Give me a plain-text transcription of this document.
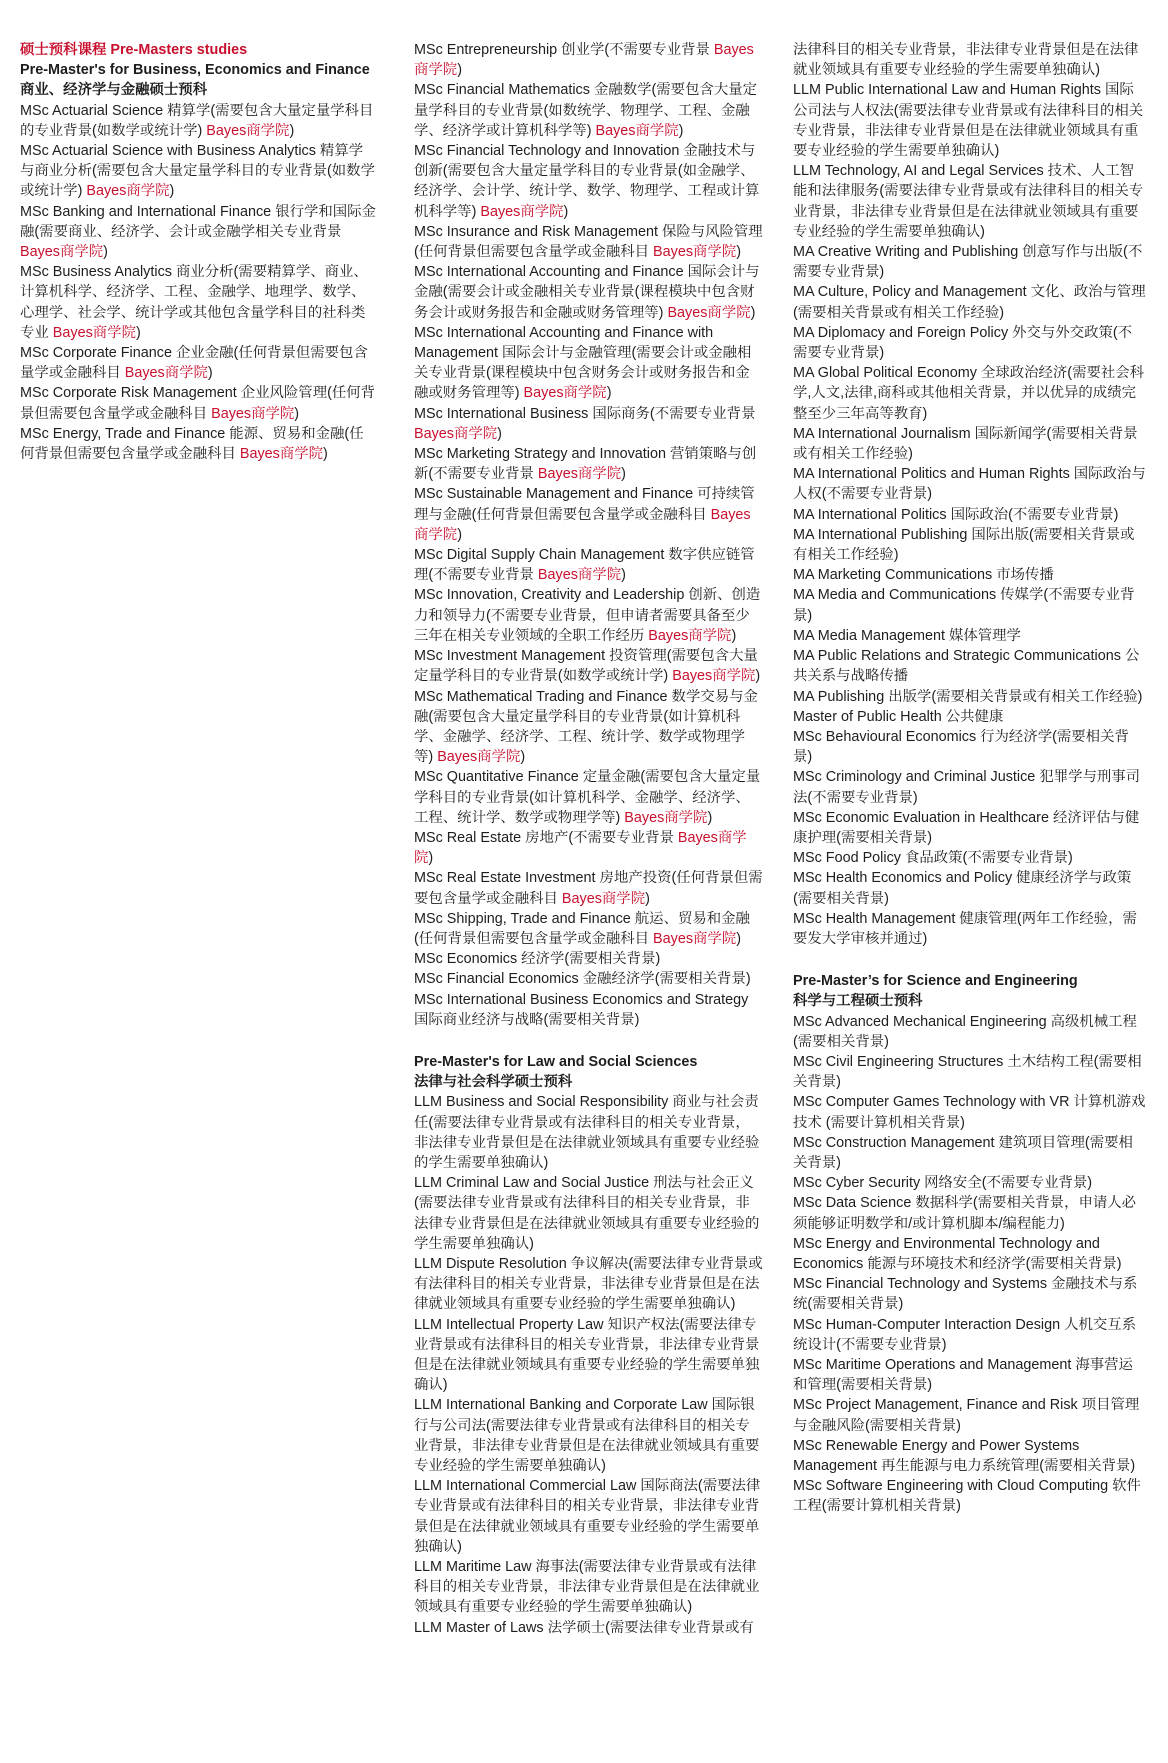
硕士预科课程 Pre-Masters studies
Pre-Master's for Business, Economics and Finance 商业、经济学与金融硕士预科

MSc Actuarial Science 精算学(需要包含大量定量学科目的专业背景(如数学或统计学) Bayes商学院)

MSc Actuarial Science with Business Analytics 精算学与商业分析(需要包含大量定量学科目的专业背景(如数学或统计学) Bayes商学院)

MSc Banking and International Finance 银行学和国际金融(需要商业、经济学、会计或金融学相关专业背景 Bayes商学院)

MSc Business Analytics 商业分析(需要精算学、商业、计算机科学、经济学、工程、金融学、地理学、数学、心理学、社会学、统计学或其他包含量学科目的社科类专业 Bayes商学院)

MSc Corporate Finance 企业金融(任何背景但需要包含量学或金融科目 Bayes商学院)

MSc Corporate Risk Management 企业风险管理(任何背景但需要包含量学或金融科目 Bayes商学院)

MSc Energy, Trade and Finance 能源、贸易和金融(任何背景但需要包含量学或金融科目 Bayes商学院)

MSc Entrepreneurship 创业学(不需要专业背景 Bayes商学院)

MSc Financial Mathematics 金融数学(需要包含大量定量学科目的专业背景(如数统学、物理学、工程、金融学、经济学或计算机科学等) Bayes商学院)

MSc Financial Technology and Innovation 金融技术与创新(需要包含大量定量学科目的专业背景(如金融学、经济学、会计学、统计学、数学、物理学、工程或计算机科学等) Bayes商学院)

MSc Insurance and Risk Management 保险与风险管理(任何背景但需要包含量学或金融科目 Bayes商学院)

MSc International Accounting and Finance 国际会计与金融(需要会计或金融相关专业背景(课程模块中包含财务会计或财务报告和金融或财务管理等) Bayes商学院)

MSc International Accounting and Finance with Management 国际会计与金融管理(需要会计或金融相关专业背景(课程模块中包含财务会计或财务报告和金融或财务管理等) Bayes商学院)

MSc International Business 国际商务(不需要专业背景 Bayes商学院)

MSc Marketing Strategy and Innovation 营销策略与创新(不需要专业背景 Bayes商学院)

MSc Sustainable Management and Finance 可持续管理与金融(任何背景但需要包含量学或金融科目 Bayes商学院)

MSc Digital Supply Chain Management 数字供应链管理(不需要专业背景 Bayes商学院)

MSc Innovation, Creativity and Leadership 创新、创造力和领导力(不需要专业背景，但申请者需要具备至少三年在相关专业领域的全职工作经历 Bayes商学院)

MSc Investment Management 投资管理(需要包含大量定量学科目的专业背景(如数学或统计学) Bayes商学院)

MSc Mathematical Trading and Finance 数学交易与金融(需要包含大量定量学科目的专业背景(如计算机科学、金融学、经济学、工程、统计学、数学或物理学等) Bayes商学院)

MSc Quantitative Finance 定量金融(需要包含大量定量学科目的专业背景(如计算机科学、金融学、经济学、工程、统计学、数学或物理学等) Bayes商学院)

MSc Real Estate 房地产(不需要专业背景 Bayes商学院)

MSc Real Estate Investment 房地产投资(任何背景但需要包含量学或金融科目 Bayes商学院)

MSc Shipping, Trade and Finance 航运、贸易和金融(任何背景但需要包含量学或金融科目 Bayes商学院)

MSc Economics 经济学(需要相关背景)

MSc Financial Economics 金融经济学(需要相关背景)

MSc International Business Economics and Strategy 国际商业经济与战略(需要相关背景)

Pre-Master's for Law and Social Sciences
法律与社会科学硕士预科

LLM Business and Social Responsibility 商业与社会责任(需要法律专业背景或有法律科目的相关专业背景，非法律专业背景但是在法律就业领域具有重要专业经验的学生需要单独确认)

LLM Criminal Law and Social Justice 刑法与社会正义(需要法律专业背景或有法律科目的相关专业背景，非法律专业背景但是在法律就业领域具有重要专业经验的学生需要单独确认)

LLM Dispute Resolution 争议解决(需要法律专业背景或有法律科目的相关专业背景，非法律专业背景但是在法律就业领域具有重要专业经验的学生需要单独确认)

LLM Intellectual Property Law 知识产权法(需要法律专业背景或有法律科目的相关专业背景，非法律专业背景但是在法律就业领域具有重要专业经验的学生需要单独确认)

LLM International Banking and Corporate Law 国际银行与公司法(需要法律专业背景或有法律科目的相关专业背景，非法律专业背景但是在法律就业领域具有重要专业经验的学生需要单独确认)

LLM International Commercial Law 国际商法(需要法律专业背景或有法律科目的相关专业背景，非法律专业背景但是在法律就业领域具有重要专业经验的学生需要单独确认)

LLM Maritime Law 海事法(需要法律专业背景或有法律科目的相关专业背景，非法律专业背景但是在法律就业领域具有重要专业经验的学生需要单独确认)

LLM Master of Laws 法学硕士(需要法律专业背景或有

法律科目的相关专业背景，非法律专业背景但是在法律就业领域具有重要专业经验的学生需要单独确认)

LLM Public International Law and Human Rights 国际公司法与人权法(需要法律专业背景或有法律科目的相关专业背景，非法律专业背景但是在法律就业领域具有重要专业经验的学生需要单独确认)

LLM Technology, AI and Legal Services 技术、人工智能和法律服务(需要法律专业背景或有法律科目的相关专业背景，非法律专业背景但是在法律就业领域具有重要专业经验的学生需要单独确认)

MA Creative Writing and Publishing 创意写作与出版(不需要专业背景)

MA Culture, Policy and Management 文化、政治与管理(需要相关背景或有相关工作经验)

MA Diplomacy and Foreign Policy 外交与外交政策(不需要专业背景)

MA Global Political Economy 全球政治经济(需要社会科学,人文,法律,商科或其他相关背景，并以优异的成绩完整至少三年高等教育)

MA International Journalism 国际新闻学(需要相关背景或有相关工作经验)

MA International Politics and Human Rights 国际政治与人权(不需要专业背景)

MA International Politics 国际政治(不需要专业背景)

MA International Publishing 国际出版(需要相关背景或有相关工作经验)

MA Marketing Communications 市场传播

MA Media and Communications 传媒学(不需要专业背景)

MA Media Management 媒体管理学

MA Public Relations and Strategic Communications 公共关系与战略传播

MA Publishing 出版学(需要相关背景或有相关工作经验)

Master of Public Health 公共健康

MSc Behavioural Economics 行为经济学(需要相关背景)

MSc Criminology and Criminal Justice 犯罪学与刑事司法(不需要专业背景)

MSc Economic Evaluation in Healthcare 经济评估与健康护理(需要相关背景)

MSc Food Policy 食品政策(不需要专业背景)

MSc Health Economics and Policy 健康经济学与政策(需要相关背景)

MSc Health Management 健康管理(两年工作经验，需要发大学审核并通过)

Pre-Master’s for Science and Engineering
科学与工程硕士预科

MSc Advanced Mechanical Engineering 高级机械工程(需要相关背景)

MSc Civil Engineering Structures 土木结构工程(需要相关背景)

MSc Computer Games Technology with VR 计算机游戏技术 (需要计算机相关背景)

MSc Construction Management 建筑项目管理(需要相关背景)

MSc Cyber Security 网络安全(不需要专业背景)

MSc Data Science 数据科学(需要相关背景，申请人必须能够证明数学和/或计算机脚本/编程能力)

MSc Energy and Environmental Technology and Economics 能源与环境技术和经济学(需要相关背景)

MSc Financial Technology and Systems 金融技术与系统(需要相关背景)

MSc Human-Computer Interaction Design 人机交互系统设计(不需要专业背景)

MSc Maritime Operations and Management 海事营运和管理(需要相关背景)

MSc Project Management, Finance and Risk 项目管理与金融风险(需要相关背景)

MSc Renewable Energy and Power Systems Management 再生能源与电力系统管理(需要相关背景)

MSc Software Engineering with Cloud Computing 软件工程(需要计算机相关背景)
